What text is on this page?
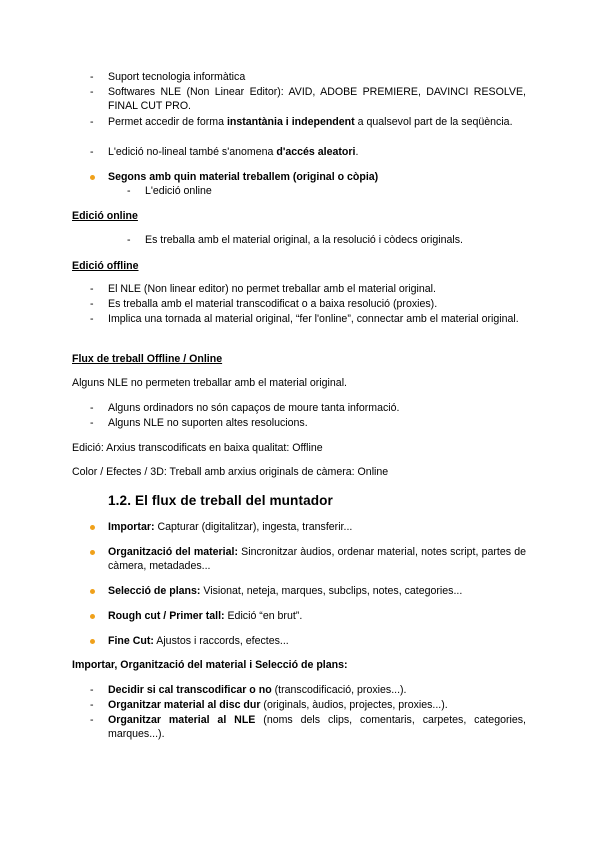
- Suport tecnologia informàtica
- Softwares NLE (Non Linear Editor): AVID, ADOBE PREMIERE, DAVINCI RESOLVE, FINAL CUT PRO.
- Permet accedir de forma instantània i independent a qualsevol part de la seqüència.
- L'edició no-lineal també s'anomena d'accés aleatori.
Segons amb quin material treballem (original o còpia)
- L'edició online
Edició online
- Es treballa amb el material original, a la resolució i còdecs originals.
Edició offline
- El NLE (Non linear editor) no permet treballar amb el material original.
- Es treballa amb el material transcodificat o a baixa resolució (proxies).
- Implica una tornada al material original, “fer l'online”, connectar amb el material original.
Flux de treball Offline / Online
Alguns NLE no permeten treballar amb el material original.
- Alguns ordinadors no són capaços de moure tanta informació.
- Alguns NLE no suporten altes resolucions.
Edició: Arxius transcodificats en baixa qualitat: Offline
Color / Efectes / 3D: Treball amb arxius originals de càmera: Online
1.2. El flux de treball del muntador
Importar: Capturar (digitalitzar), ingesta, transferir...
Organització del material: Sincronitzar àudios, ordenar material, notes script, partes de càmera, metadades...
Selecció de plans: Visionat, neteja, marques, subclips, notes, categories...
Rough cut / Primer tall: Edició “en brut”.
Fine Cut: Ajustos i raccords, efectes...
Importar, Organització del material i Selecció de plans:
- Decidir si cal transcodificar o no (transcodificació, proxies...).
- Organitzar material al disc dur (originals, àudios, projectes, proxies...).
- Organitzar material al NLE (noms dels clips, comentaris, carpetes, categories, marques...).
